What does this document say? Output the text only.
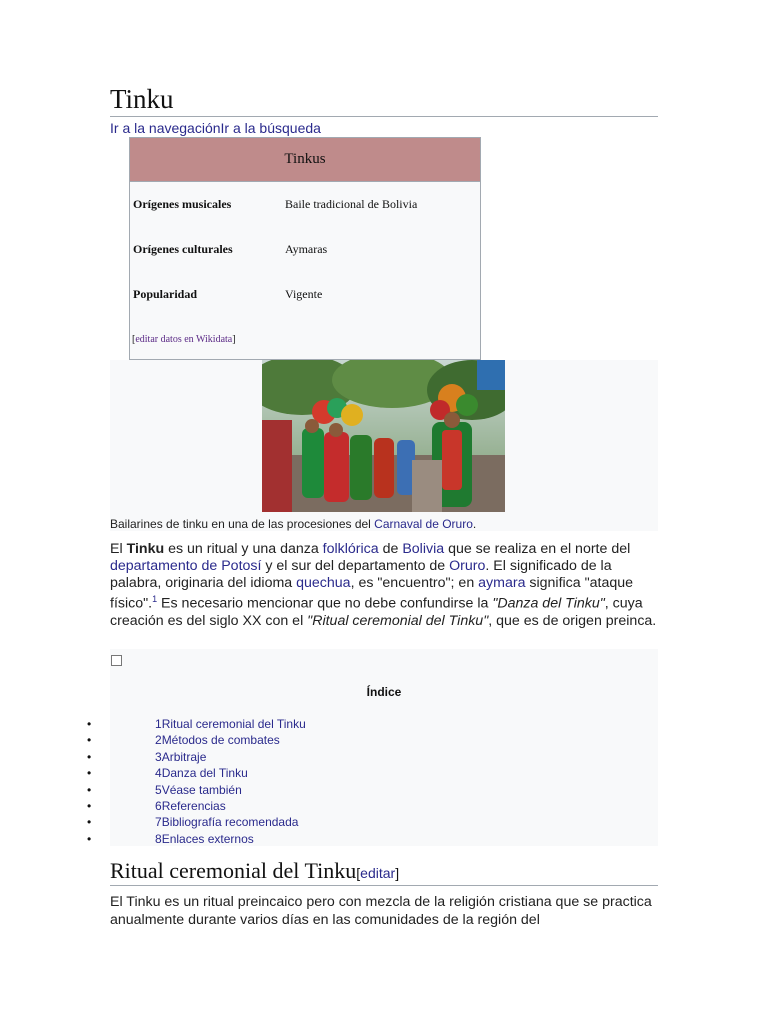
Tinku
Ir a la navegaciónIr a la búsqueda
Tinkus
Orígenes musicales	Baile tradicional de Bolivia
Orígenes culturales	Aymaras
Popularidad	Vigente
[editar datos en Wikidata]
Bailarines de tinku en una de las procesiones del Carnaval de Oruro.
El Tinku es un ritual y una danza folklórica de Bolivia que se realiza en el norte del departamento de Potosí y el sur del departamento de Oruro. El significado de la palabra, originaria del idioma quechua, es "encuentro"; en aymara significa "ataque físico".$^1$ Es necesario mencionar que no debe confundirse la "Danza del Tinku", cuya creación es del siglo XX con el "Ritual ceremonial del Tinku", que es de origen preinca.
Índice
•	1Ritual ceremonial del Tinku
•	2Métodos de combates
•	3Arbitraje
•	4Danza del Tinku
•	5Véase también
•	6Referencias
•	7Bibliografía recomendada
•	8Enlaces externos
Ritual ceremonial del Tinku[editar]
El Tinku es un ritual preincaico pero con mezcla de la religión cristiana que se practica anualmente durante varios días en las comunidades de la región del
